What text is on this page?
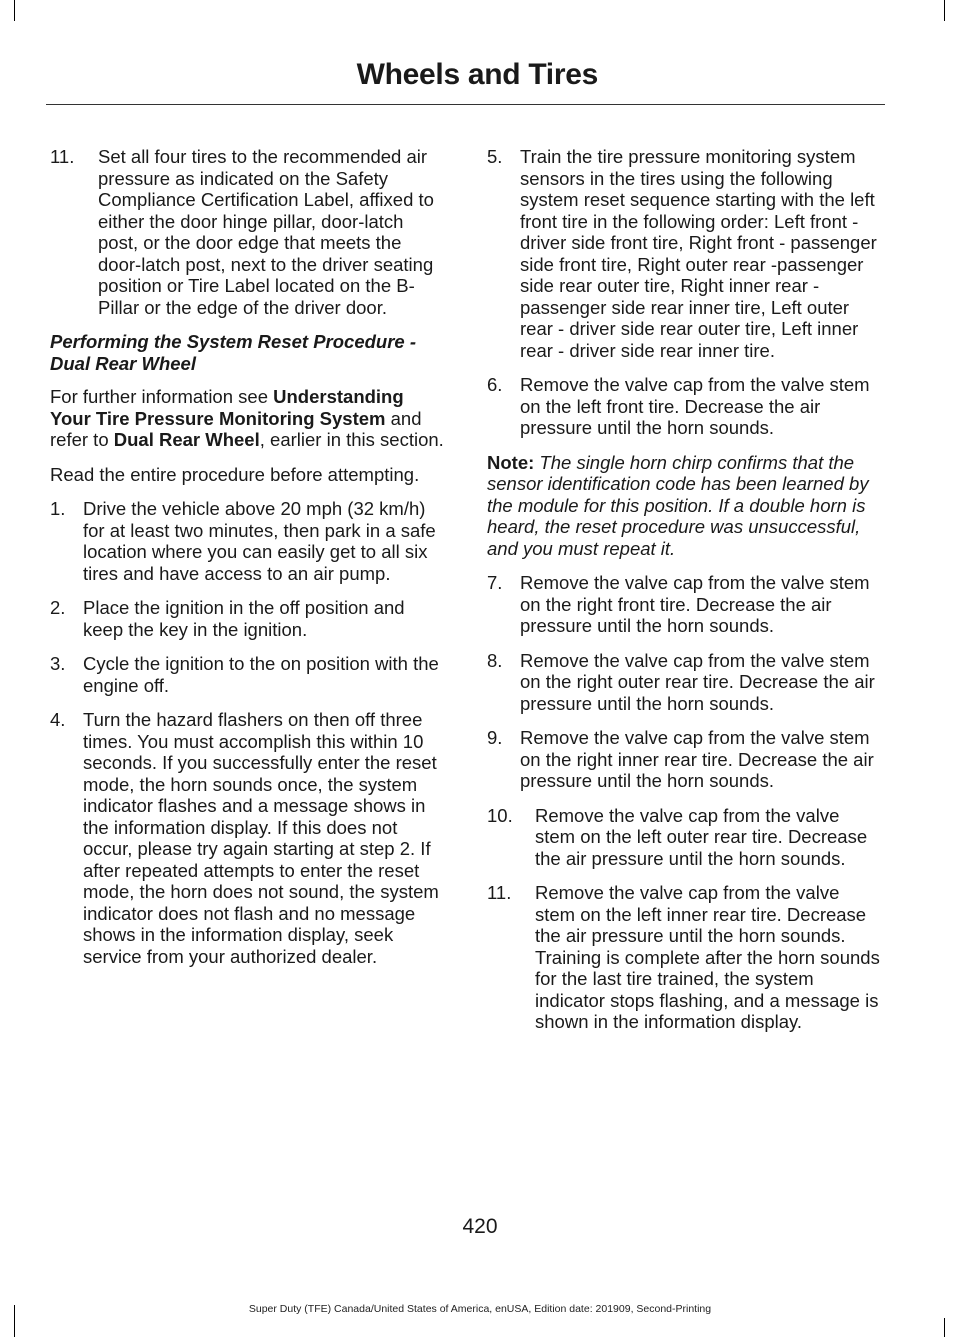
Wheels and Tires
11.	Set all four tires to the recommended air pressure as indicated on the Safety Compliance Certification Label, affixed to either the door hinge pillar, door-latch post, or the door edge that meets the door-latch post, next to the driver seating position or Tire Label located on the B-Pillar or the edge of the driver door.

Performing the System Reset Procedure - Dual Rear Wheel

For further information see Understanding Your Tire Pressure Monitoring System and refer to Dual Rear Wheel, earlier in this section.

Read the entire procedure before attempting.

1. Drive the vehicle above 20 mph (32 km/h) for at least two minutes, then park in a safe location where you can easily get to all six tires and have access to an air pump.
2. Place the ignition in the off position and keep the key in the ignition.
3. Cycle the ignition to the on position with the engine off.
4. Turn the hazard flashers on then off three times. You must accomplish this within 10 seconds. If you successfully enter the reset mode, the horn sounds once, the system indicator flashes and a message shows in the information display. If this does not occur, please try again starting at step 2. If after repeated attempts to enter the reset mode, the horn does not sound, the system indicator does not flash and no message shows in the information display, seek service from your authorized dealer.
5. Train the tire pressure monitoring system sensors in the tires using the following system reset sequence starting with the left front tire in the following order: Left front - driver side front tire, Right front - passenger side front tire, Right outer rear -passenger side rear outer tire, Right inner rear - passenger side rear inner tire, Left outer rear - driver side rear outer tire, Left inner rear - driver side rear inner tire.
6. Remove the valve cap from the valve stem on the left front tire. Decrease the air pressure until the horn sounds.

Note: The single horn chirp confirms that the sensor identification code has been learned by the module for this position. If a double horn is heard, the reset procedure was unsuccessful, and you must repeat it.

7. Remove the valve cap from the valve stem on the right front tire. Decrease the air pressure until the horn sounds.
8. Remove the valve cap from the valve stem on the right outer rear tire. Decrease the air pressure until the horn sounds.
9. Remove the valve cap from the valve stem on the right inner rear tire. Decrease the air pressure until the horn sounds.
10.	Remove the valve cap from the valve stem on the left outer rear tire. Decrease the air pressure until the horn sounds.
11.	Remove the valve cap from the valve stem on the left inner rear tire. Decrease the air pressure until the horn sounds. Training is complete after the horn sounds for the last tire trained, the system indicator stops flashing, and a message is shown in the information display.
420
Super Duty (TFE) Canada/United States of America, enUSA, Edition date: 201909, Second-Printing
